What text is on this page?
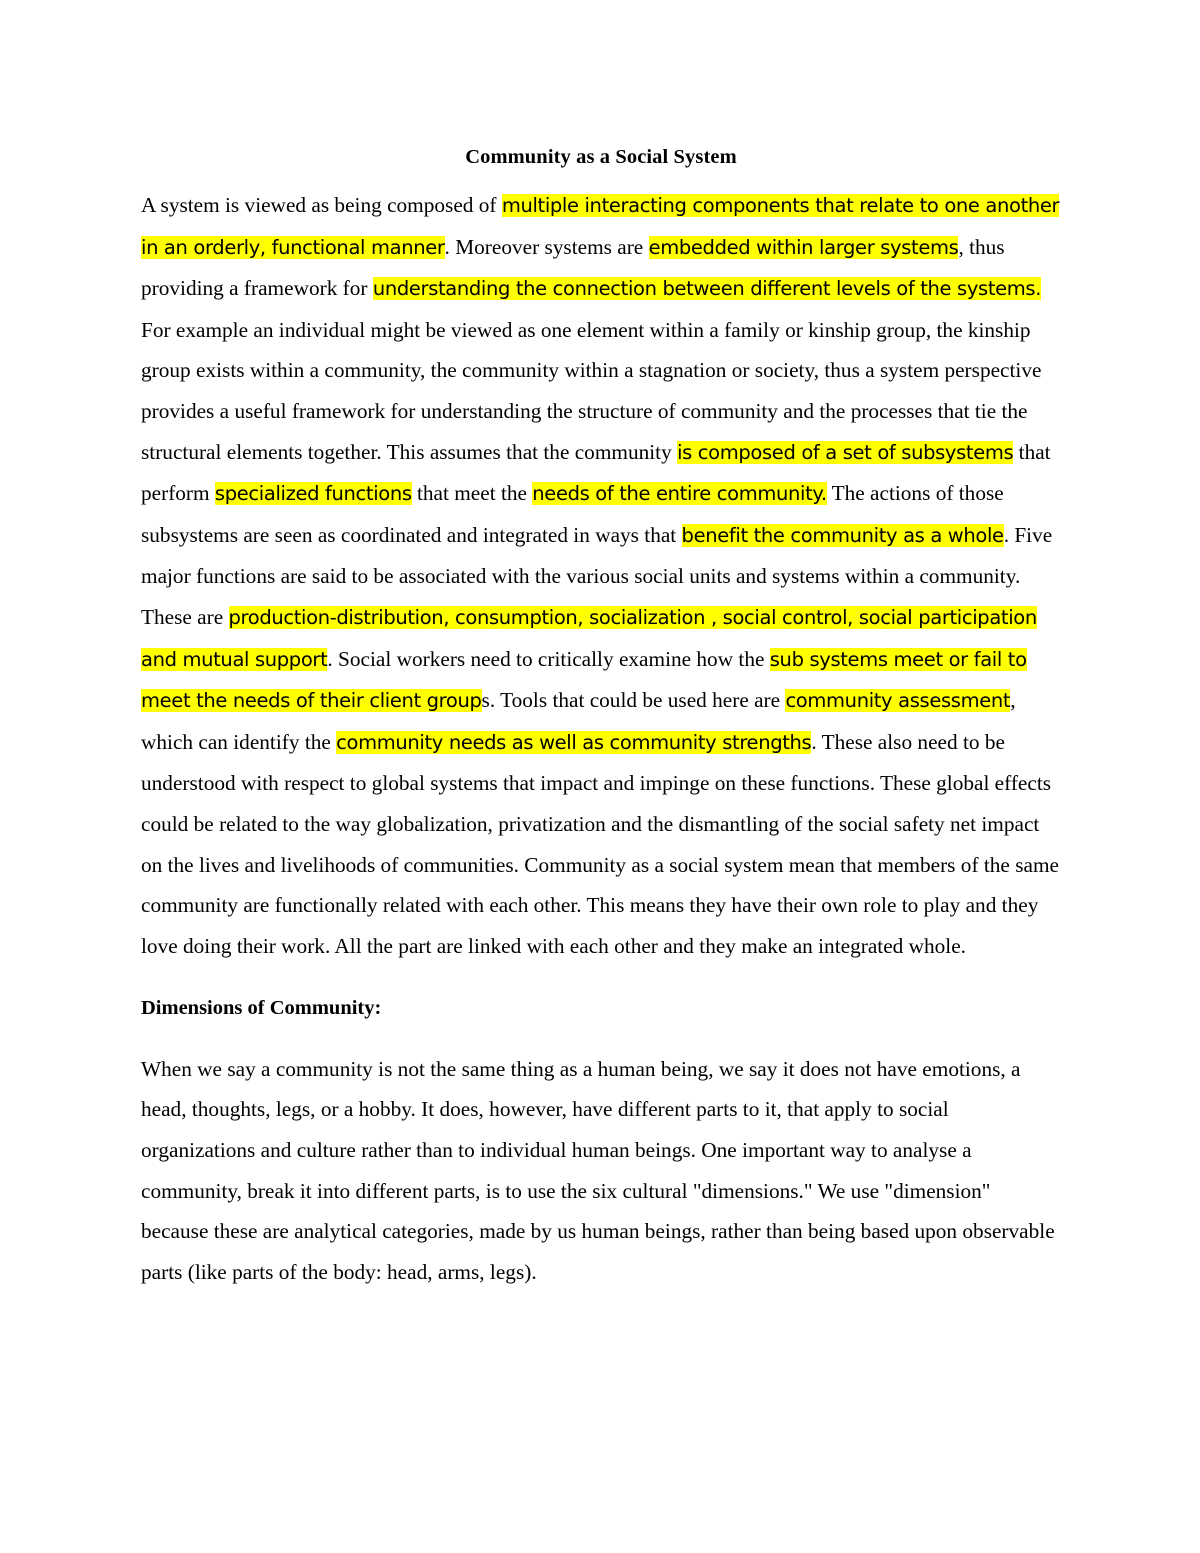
Community as a Social System

A system is viewed as being composed of multiple interacting components that relate to one another in an orderly, functional manner. Moreover systems are embedded within larger systems, thus providing a framework for understanding the connection between different levels of the systems. For example an individual might be viewed as one element within a family or kinship group, the kinship group exists within a community, the community within a stagnation or society, thus a system perspective provides a useful framework for understanding the structure of community and the processes that tie the structural elements together. This assumes that the community is composed of a set of subsystems that perform specialized functions that meet the needs of the entire community. The actions of those subsystems are seen as coordinated and integrated in ways that benefit the community as a whole. Five major functions are said to be associated with the various social units and systems within a community. These are production-distribution, consumption, socialization , social control, social participation and mutual support. Social workers need to critically examine how the sub systems meet or fail to meet the needs of their client groups. Tools that could be used here are community assessment, which can identify the community needs as well as community strengths. These also need to be understood with respect to global systems that impact and impinge on these functions. These global effects could be related to the way globalization, privatization and the dismantling of the social safety net impact on the lives and livelihoods of communities. Community as a social system mean that members of the same community are functionally related with each other. This means they have their own role to play and they love doing their work. All the part are linked with each other and they make an integrated whole.

Dimensions of Community:

When we say a community is not the same thing as a human being, we say it does not have emotions, a head, thoughts, legs, or a hobby. It does, however, have different parts to it, that apply to social organizations and culture rather than to individual human beings. One important way to analyse a community, break it into different parts, is to use the six cultural "dimensions." We use "dimension" because these are analytical categories, made by us human beings, rather than being based upon observable parts (like parts of the body: head, arms, legs).
